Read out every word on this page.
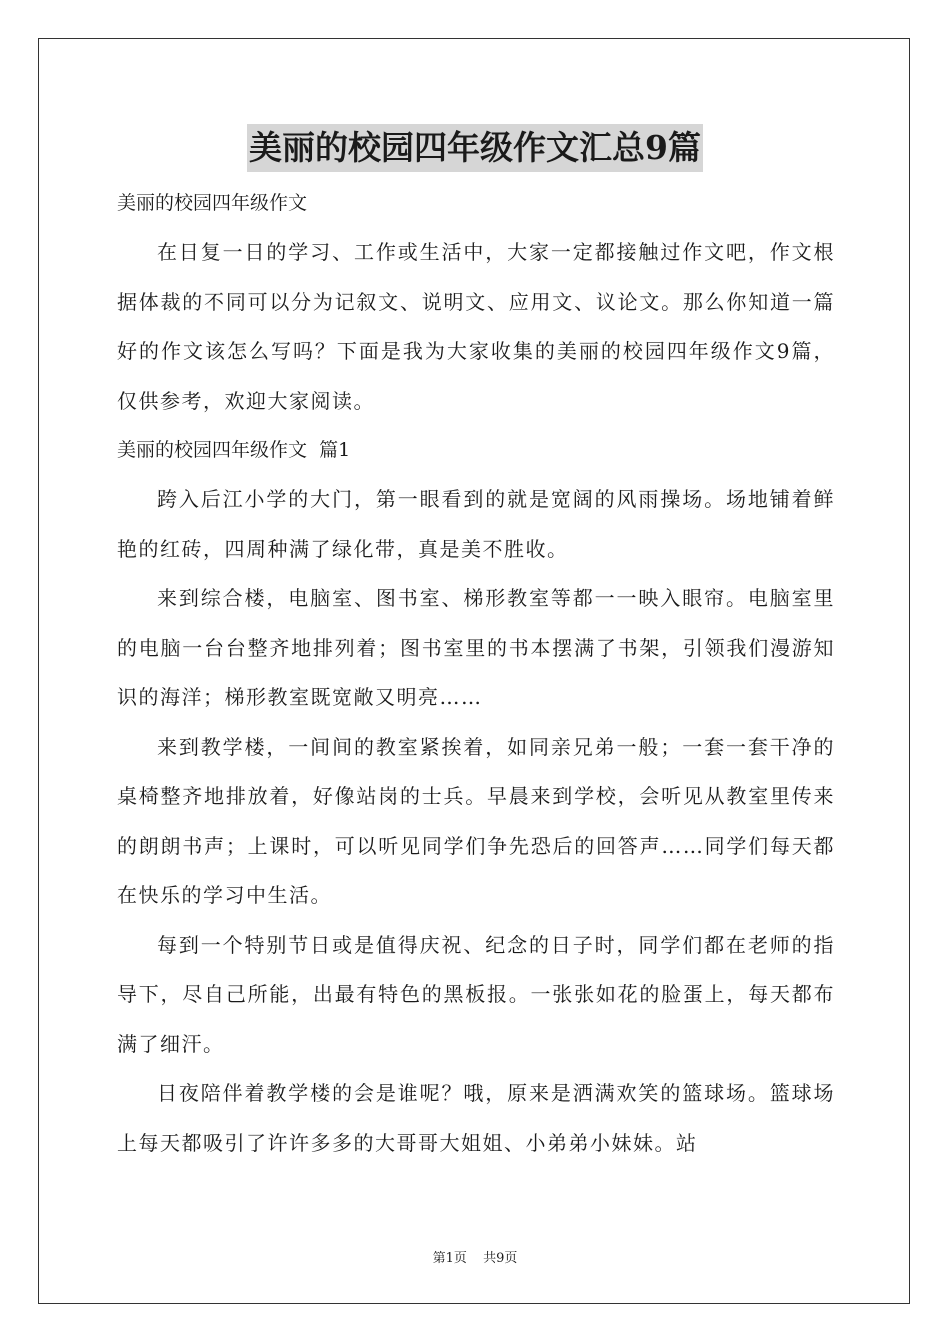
美丽的校园四年级作文汇总9篇

美丽的校园四年级作文

在日复一日的学习、工作或生活中，大家一定都接触过作文吧，作文根据体裁的不同可以分为记叙文、说明文、应用文、议论文。那么你知道一篇好的作文该怎么写吗？下面是我为大家收集的美丽的校园四年级作文9篇，仅供参考，欢迎大家阅读。

美丽的校园四年级作文  篇1

跨入后江小学的大门，第一眼看到的就是宽阔的风雨操场。场地铺着鲜艳的红砖，四周种满了绿化带，真是美不胜收。

来到综合楼，电脑室、图书室、梯形教室等都一一映入眼帘。电脑室里的电脑一台台整齐地排列着；图书室里的书本摆满了书架，引领我们漫游知识的海洋；梯形教室既宽敞又明亮……

来到教学楼，一间间的教室紧挨着，如同亲兄弟一般；一套一套干净的桌椅整齐地排放着，好像站岗的士兵。早晨来到学校，会听见从教室里传来的朗朗书声；上课时，可以听见同学们争先恐后的回答声……同学们每天都在快乐的学习中生活。

每到一个特别节日或是值得庆祝、纪念的日子时，同学们都在老师的指导下，尽自己所能，出最有特色的黑板报。一张张如花的脸蛋上，每天都布满了细汗。

日夜陪伴着教学楼的会是谁呢？哦，原来是洒满欢笑的篮球场。篮球场上每天都吸引了许许多多的大哥哥大姐姐、小弟弟小妹妹。站

第1页 共9页
